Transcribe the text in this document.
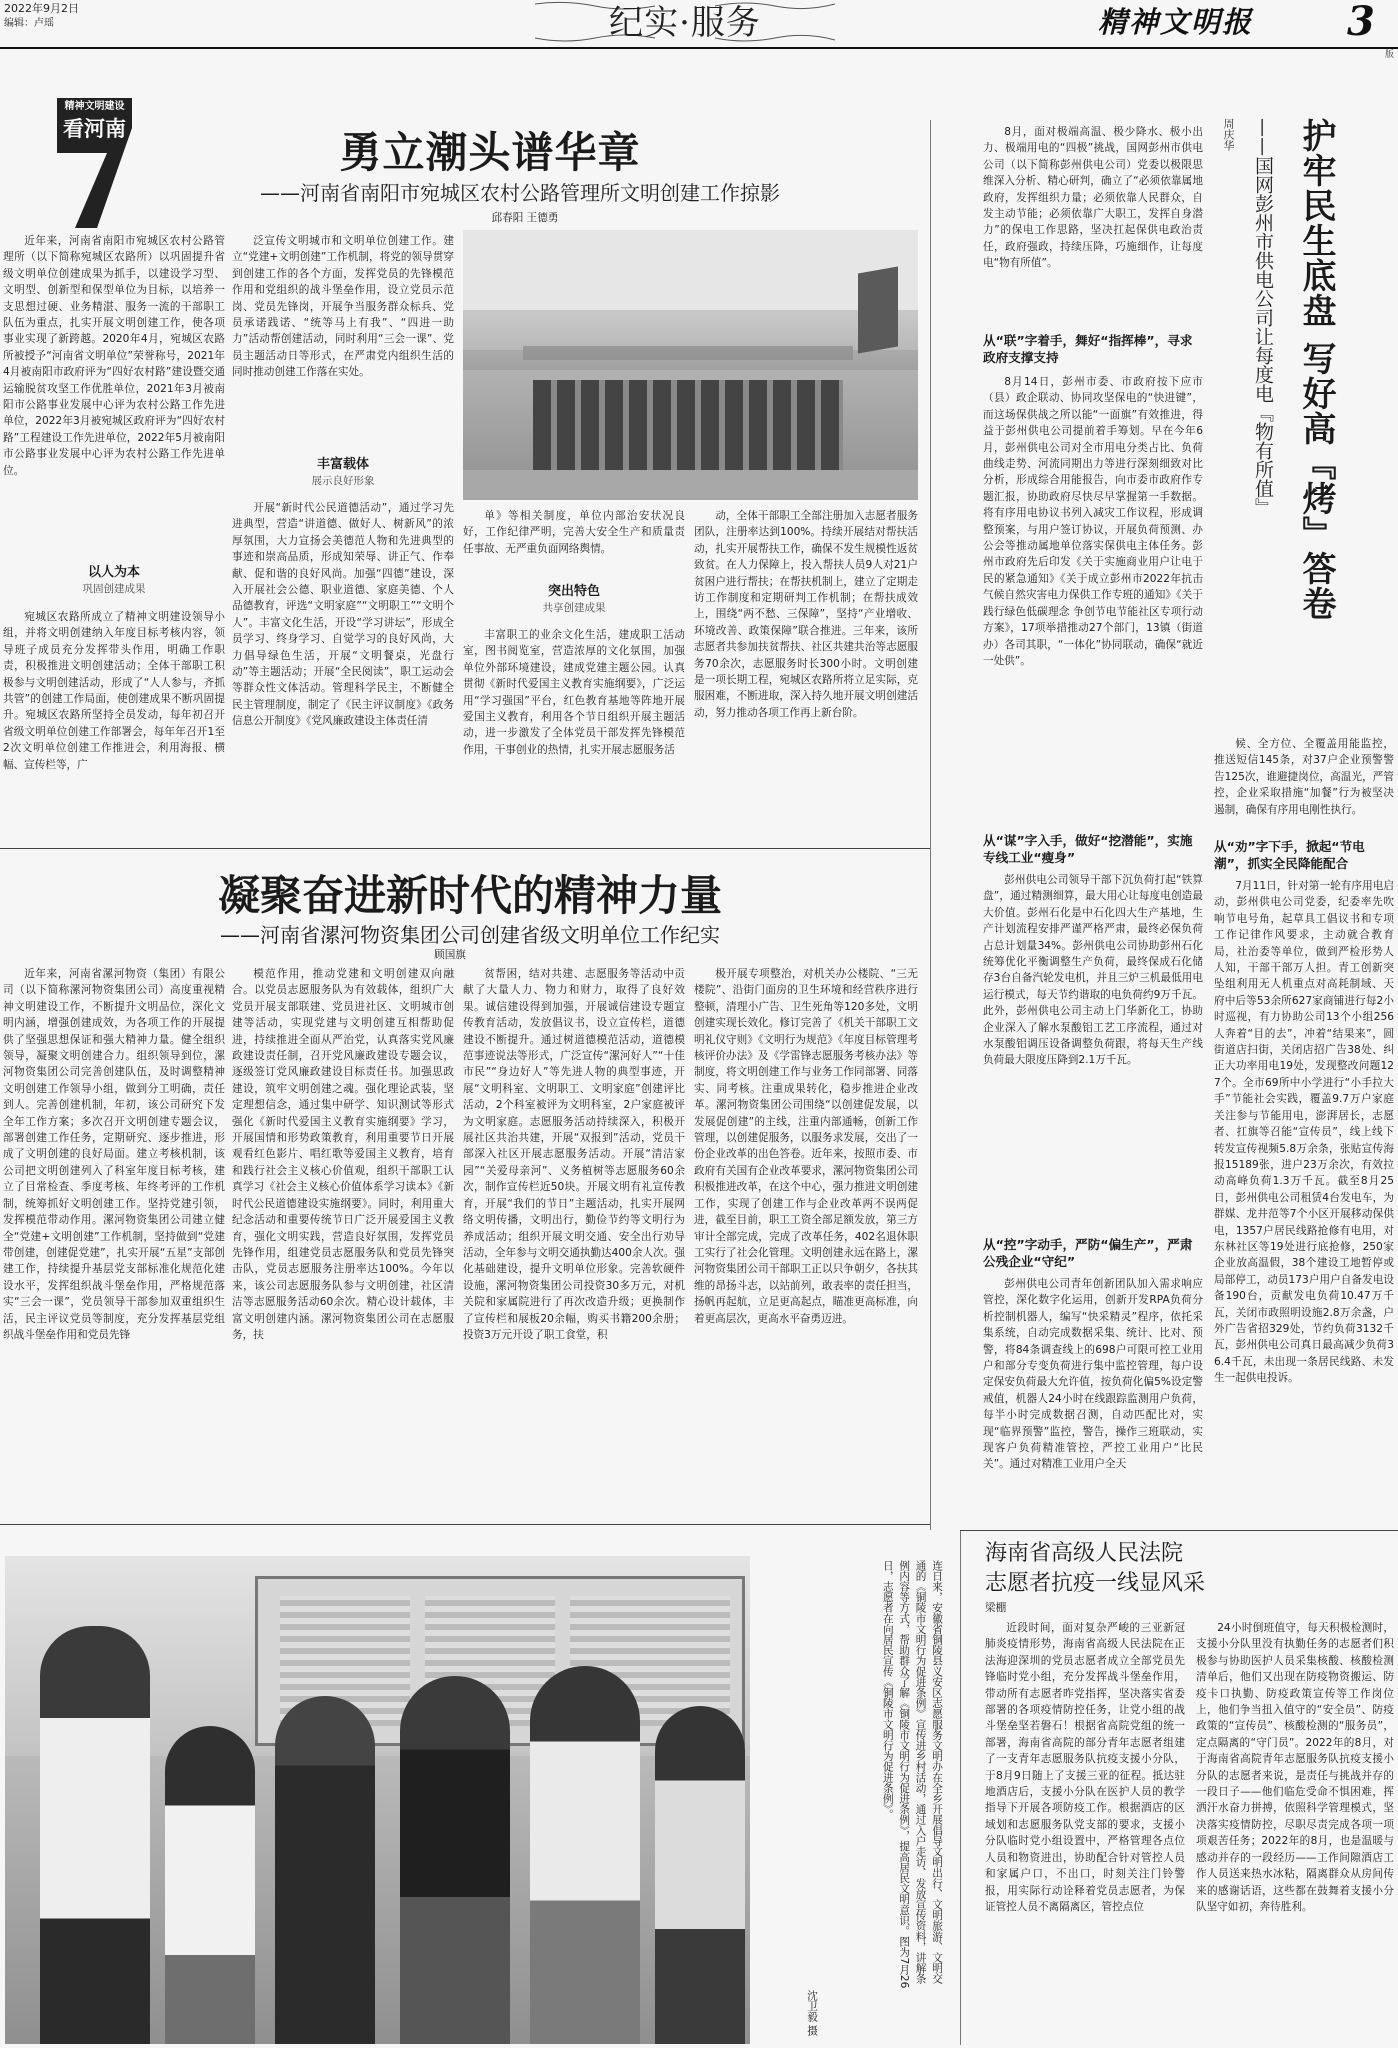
2022年9月2日
编辑：卢瑶	纪实·服务	精神文明报	3
版
精神文明建设
看河南	勇立潮头谱华章
——河南省南阳市宛城区农村公路管理所文明创建工作掠影
邱春阳 王德勇
近年来，河南省南阳市宛城区农村公路管理所（以下简称宛城区农路所）以巩固提升省级文明单位创建成果为抓手，以建设学习型、文明型、创新型和保型单位为目标，以培养一支思想过硬、业务精湛、服务一流的干部职工队伍为重点，扎实开展文明创建工作，使各项事业实现了新跨越。2020年4月，宛城区农路所被授予“河南省文明单位”荣誉称号，2021年4月被南阳市政府评为“四好农村路”建设暨交通运输脱贫攻坚工作优胜单位，2021年3月被南阳市公路事业发展中心评为农村公路工作先进单位，2022年3月被宛城区政府评为“四好农村路”工程建设工作先进单位，2022年5月被南阳市公路事业发展中心评为农村公路工作先进单位。
以人为本
巩固创建成果
宛城区农路所成立了精神文明建设领导小组，并将文明创建纳入年度目标考核内容，领导班子成员充分发挥带头作用，明确工作职责，积极推进文明创建活动；全体干部职工积极参与文明创建活动，形成了“人人参与，齐抓共管”的创建工作局面，使创建成果不断巩固提升。宛城区农路所坚持全员发动，每年初召开省级文明单位创建工作部署会，每年年召开1至2次文明单位创建工作推进会，利用海报、横幅、宣传栏等，广
泛宣传文明城市和文明单位创建工作。建立“党建+文明创建”工作机制，将党的领导贯穿到创建工作的各个方面，发挥党员的先锋模范作用和党组织的战斗堡垒作用，设立党员示范岗、党员先锋岗，开展争当服务群众标兵、党员承诺践诺、“统等马上有我”、“四进一助力”活动帮创建活动，同时利用“三会一课”、党员主题活动日等形式，在严肃党内组织生活的同时推动创建工作落在实处。
丰富载体
展示良好形象
开展“新时代公民道德活动”，通过学习先进典型，营造“讲道德、做好人、树新风”的浓厚氛围，大力宣扬会美德范人物和先进典型的事迹和崇高品质，形成知荣辱、讲正气、作奉献、促和谐的良好风尚。加强“四德”建设，深入开展社会公德、职业道德、家庭美德、个人品德教育，评选“文明家庭”“文明职工”“文明个人”。丰富文化生活，开设“学习讲坛”，形成全员学习、终身学习、自觉学习的良好风尚，大力倡导绿色生活，开展“文明餐桌，光盘行动”等主题活动；开展“全民阅读”，职工运动会等群众性文体活动。管理科学民主，不断健全民主管理制度，制定了《民主评议制度》《政务信息公开制度》《党风廉政建设主体责任清
单》等相关制度，单位内部治安状况良好，工作纪律严明，完善大安全生产和质量责任事故、无严重负面网络舆情。
突出特色
共享创建成果
丰富职工的业余文化生活，建成职工活动室，图书阅览室，营造浓厚的文化氛围，加强单位外部环境建设，建成党建主题公园。认真贯彻《新时代爱国主义教育实施纲要》，广泛运用“学习强国”平台，红色教育基地等阵地开展爱国主义教育，利用各个节日组织开展主题活动，进一步激发了全体党员干部发挥先锋模范作用，干事创业的热情，扎实开展志愿服务活
动，全体干部职工全部注册加入志愿者服务团队，注册率达到100%。持续开展结对帮扶活动，扎实开展帮扶工作，确保不发生规模性返贫致贫。在人力保障上，投入帮扶人员9人对21户贫困户进行帮扶；在帮扶机制上，建立了定期走访工作制度和定期研判工作机制；在帮扶成效上，围绕“两不愁、三保障”，坚持“产业增收、环境改善、政策保障”联合推进。三年来，该所志愿者共参加扶贫帮扶、社区共建共治等志愿服务70余次，志愿服务时长300小时。文明创建是一项长期工程，宛城区农路所将立足实际，克服困难，不断进取，深入持久地开展文明创建活动，努力推动各项工作再上新台阶。
凝聚奋进新时代的精神力量
——河南省漯河物资集团公司创建省级文明单位工作纪实
顾国旗
近年来，河南省漯河物资（集团）有限公司（以下简称漯河物资集团公司）高度重视精神文明建设工作，不断提升文明品位，深化文明内涵，增强创建成效，为各项工作的开展提供了坚强思想保证和强大精神力量。健全组织领导，凝聚文明创建合力。组织领导到位，漯河物资集团公司完善创建队伍，及时调整精神文明创建工作领导小组，做到分工明确，责任到人。完善创建机制，年初，该公司研究下发全年工作方案；多次召开文明创建专题会议，部署创建工作任务，定期研究、逐步推进，形成了文明创建的良好局面。建立考核机制，该公司把文明创建列入了科室年度目标考核，建立了目常检查、季度考核、年终考评的工作机制，统筹抓好文明创建工作。坚持党建引领，发挥模范带动作用。漯河物资集团公司建立健全“党建+文明创建”工作机制，坚持做到“党建带创建，创建促党建”，扎实开展“五星”支部创建工作，持续提升基层党支部标准化规范化建设水平，发挥组织战斗堡垒作用，严格规范落实“三会一课”，党员领导干部参加双重组织生活，民主评议党员等制度，充分发挥基层党组织战斗堡垒作用和党员先锋
模范作用，推动党建和文明创建双向融合。以党员志愿服务队为有效载体，组织广大党员开展支部联建、党员进社区、文明城市创建等活动，实现党建与文明创建互相帮助促进，持续推进全面从严治党，认真落实党风廉政建设责任制，召开党风廉政建设专题会议，逐级签订党风廉政建设目标责任书。加强思政建设，筑牢文明创建之魂。强化理论武装，坚定理想信念，通过集中研学、知识测试等形式强化《新时代爱国主义教育实施纲要》学习，开展国情和形势政策教育，利用重要节日开展观看红色影片、唱红歌等爱国主义教育，培育和践行社会主义核心价值观，组织干部职工认真学习《社会主义核心价值体系学习读本》《新时代公民道德建设实施纲要》。同时，利用重大纪念活动和重要传统节日广泛开展爱国主义教育，强化文明实践，营造良好氛围，发挥党员先锋作用，组建党员志愿服务队和党员先锋突击队，党员志愿服务注册率达100%。今年以来，该公司志愿服务队参与文明创建，社区清洁等志愿服务活动60余次。精心设计载体，丰富文明创建内涵。漯河物资集团公司在志愿服务，扶
贫帮困，结对共建、志愿服务等活动中贡献了大量人力、物力和财力，取得了良好效果。诚信建设得到加强，开展诚信建设专题宣传教育活动，发放倡议书，设立宣传栏，道德建设不断提升。通过树道德模范活动，道德模范事迹说法等形式，广泛宣传“漯河好人”“十佳市民”“身边好人”等先进人物的典型事迹，开展“文明科室、文明职工、文明家庭”创建评比活动，2个科室被评为文明科室，2户家庭被评为文明家庭。志愿服务活动持续深入，积极开展社区共治共建，开展“双报到”活动，党员干部深入社区开展志愿服务活动。开展“清洁家园”“关爱母亲河”、义务植树等志愿服务60余次，制作宣传栏近50块。开展文明有礼宣传教育，开展“我们的节日”主题活动，扎实开展网络文明传播，文明出行，勤俭节约等文明行为养成活动；组织开展文明交通、安全出行劝导活动，全年参与文明交通执勤达400余人次。强化基础建设，提升文明单位形象。完善软硬件设施，漯河物资集团公司投资30多万元，对机关院和家属院进行了再次改造升级；更换制作了宣传栏和展板20余幅，购买书籍200余册；投资3万元开设了职工食堂，积
极开展专项整治，对机关办公楼院、“三无楼院”、沿街门面房的卫生环境和经营秩序进行整顿，清理小广告、卫生死角等120多处，文明创建实现长效化。修订完善了《机关干部职工文明礼仪守则》《文明行为规范》《年度目标管理考核评价办法》及《学雷锋志愿服务考核办法》等制度，将文明创建工作与业务工作同部署、同落实、同考核。注重成果转化，稳步推进企业改革。漯河物资集团公司围绕“以创建促发展，以发展促创建”的主线，注重内部通畅，创新工作管理，以创建促服务，以服务求发展，交出了一份企业改革的出色答卷。近年来，按照市委、市政府有关国有企业改革要求，漯河物资集团公司积极推进改革，在这个中心，强力推进文明创建工作，实现了创建工作与企业改革两不误两促进，截至目前，职工工资全部足额发放，第三方审计全部完成，完成了改革任务，402名退休职工实行了社会化管理。文明创建永远在路上，漯河物资集团公司干部职工正以只争朝夕，各扶其维的昂扬斗志，以站前列，敢表率的责任担当，扬帆再起航，立足更高起点，瞄准更高标准，向着更高层次，更高水平奋勇迈进。
连日来，安徽省铜陵县义安区志愿服务文明办在全乡开展倡导文明出行、文明旅游、文明交通的《铜陵市文明行为促进条例》宣传进乡村活动，通过入户走访、发放宣传资料，讲解条例内容等方式，帮助群众了解《铜陵市文明行为促进条例》，提高居民文明意识。图为7月26日，志愿者在向居民宣传《铜陵市文明行为促进条例》。
沈卫毅 摄
8月，面对极端高温、极少降水、极小出力、极端用电的“四极”挑战，国网彭州市供电公司（以下简称彭州供电公司）党委以极限思维深入分析、精心研判，确立了“必须依靠属地政府，发挥组织力量；必须依靠人民群众，自发主动节能；必须依靠广大职工，发挥自身潜力”的保电工作思路，坚决扛起保供电政治责任，政府强政，持续压降，巧施细作，让每度电“物有所值”。
从“联”字着手，舞好“指挥棒”，寻求政府支撑支持
8月14日，彭州市委、市政府按下应市（县）政企联动、协同攻坚保电的“快进键”，而这场保供战之所以能“一面旗”有效推进，得益于彭州供电公司提前着手筹划。早在今年6月，彭州供电公司对全市用电分类占比、负荷曲线走势、河流同期出力等进行深刻细致对比分析，形成综合用能报告，向市委市政府作专题汇报，协助政府尽快尽早掌握第一手数据。将有序用电协议书列入减灾工作议程，形成调整预案，与用户签订协议，开展负荷预测、办公会等推动属地单位落实保供电主体任务。彭州市政府先后印发《关于实施商业用户让电于民的紧急通知》《关于成立彭州市2022年抗击气候自然灾害电力保供工作专班的通知》《关于践行绿色低碳理念 争创节电节能社区专项行动方案》，17项举措推动27个部门，13镇（街道办）各司其职，“一体化”协同联动，确保“就近一处供”。
从“谋”字入手，做好“挖潜能”，实施专线工业“瘦身”
彭州供电公司领导干部下沉负荷打起“铁算盘”，通过精测细算，最大用心让每度电创造最大价值。彭州石化是中石化四大生产基地，生产计划流程安排严谨严格严肃，最终必保负荷占总计划量34%。彭州供电公司协助彭州石化统筹优化平衡调整生产负荷，最终保成石化储存3台自备汽轮发电机，并且三炉三机最低用电运行模式，每天节约谐取的电负荷约9万千瓦。此外，彭州供电公司主动上门华新化工，协助企业深入了解水泵酸铝工艺工序流程，通过对水泵酸铝调压设备调整负荷跟，将每天生产线负荷最大限度压降到2.1万千瓦。
从“控”字动手，严防“偏生产”，严肃公残企业“守纪”
彭州供电公司青年创新团队加入需求响应管控，深化数字化运用，创新开发RPA负荷分析控制机器人，编写“快采精灵”程序，依托采集系统，自动完成数据采集、统计、比对、预警，将84条调查线上的698户可限可控工业用户和部分专变负荷进行集中监控管理，每户设定保安负荷最大允许值，按负荷化偏5%设定警戒值，机器人24小时在线跟踪监测用户负荷，每半小时完成数据召测，自动匹配比对，实现“临界预警”监控，警告，操作三班联动，实现客户负荷精准管控，严控工业用户“比民关”。通过对精准工业用户全天
周庆华 ——国网彭州市供电公司让每度电『物有所值』 护牢民生底盘 写好高『烤』答卷
候、全方位、全覆盖用能监控，推送短信145条，对37户企业预警警告125次，谁避捷岗位，高温光，严管控，企业采取措施“加餐”行为被坚决遏制，确保有序用电刚性执行。
从“劝”字下手，掀起“节电潮”，抓实全民降能配合
7月11日，针对第一轮有序用电启动，彭州供电公司党委，纪委率先吹响节电号角，起草具工倡议书和专项工作记律作风要求，主动就合教育局，社治委等单位，做到严检形势人人知，干部干部万人担。青工创新突坠组利用无人机重点对高耗制域、天府中后等53余所627家商铺进行每2小时巡视，有力协助公司13个小组256人奔着“目的去”，冲着“结果来”，圆街道店扫街，关闭店招广告38处、纠正大功率用电19处，发现整改问题127个。全市69所中小学进行“小手拉大手”节能社会实践，覆盖9.7万户家庭关注参与节能用电，澎湃居长，志愿者、扛旗等召能“宣传员”，线上线下转发宣传视频5.8万余条，张贴宣传海报15189张，进户23万余次，有效拉动高峰负荷1.3万千瓦。截至8月25日，彭州供电公司租赁4台发电车，为群媒、龙井范等7个小区开展移动保供电，1357户居民线路抢修有电用，对东林社区等19处进行底抢修，250家企业放高温假，38个建设工地暂停或局部停工，动员173户用户自备发电设备190台，贡献发电负荷10.47万千瓦，关闭市政照明设施2.8万余盏，户外广告省招329处，节约负荷3132千瓦，彭州供电公司真日最高减少负荷36.4千瓦，未出现一条居民线路、未发生一起供电投诉。
海南省高级人民法院
志愿者抗疫一线显风采
梁棚
近段时间，面对复杂严峻的三亚新冠肺炎疫情形势，海南省高级人民法院在正法海迎深圳的党员志愿者成立全部党员先锋临时党小组，充分发挥战斗堡垒作用，带动所有志愿者昨党指挥，坚决落实省委部署的各项疫情防控任务，让党小组的战斗堡垒坚若磐石！根据省高院党组的统一部署，海南省高院的部分青年志愿者组建了一支青年志愿服务队抗疫支援小分队，于8月9日随上了支援三亚的征程。抵达驻地酒店后，支援小分队在医护人员的教学指导下开展各项防疫工作。根据酒店的区域划和志愿服务队党支部的要求，支援小分队临时党小组设置中，严格管理各点位人员和物资进出，协助配合针对管控人员和家属户口，不出口，时刻关注门铃警报，用实际行动诠释着党员志愿者，为保证管控人员不离隔离区，管控点位
24小时倒班值守，每天积极检测时，支援小分队里没有执勤任务的志愿者们积极参与协助医护人员采集核酸、核酸检测清单后，他们又出现在防疫物资搬运、防疫卡口执勤、防疫政策宣传等工作岗位上，他们争当扭入值守的“安全员”、防疫政策的“宣传员”、核酸检测的“服务员”，定点隔离的“守门员”。2022年的8月，对于海南省高院青年志愿服务队抗疫支援小分队的志愿者来说，是责任与挑战并存的一段日子——他们临危受命不惧困难，挥洒汗水奋力拼搏，依照科学管理模式，坚决落实疫情防控，尽职尽责完成各项一项项艰苦任务；2022年的8月，也是温暖与感动并存的一段经历——工作间隙酒店工作人员送来热水冰粘，隔离群众从房间传来的感谢话语，这些都在鼓舞着支援小分队坚守如初，奔待胜利。
